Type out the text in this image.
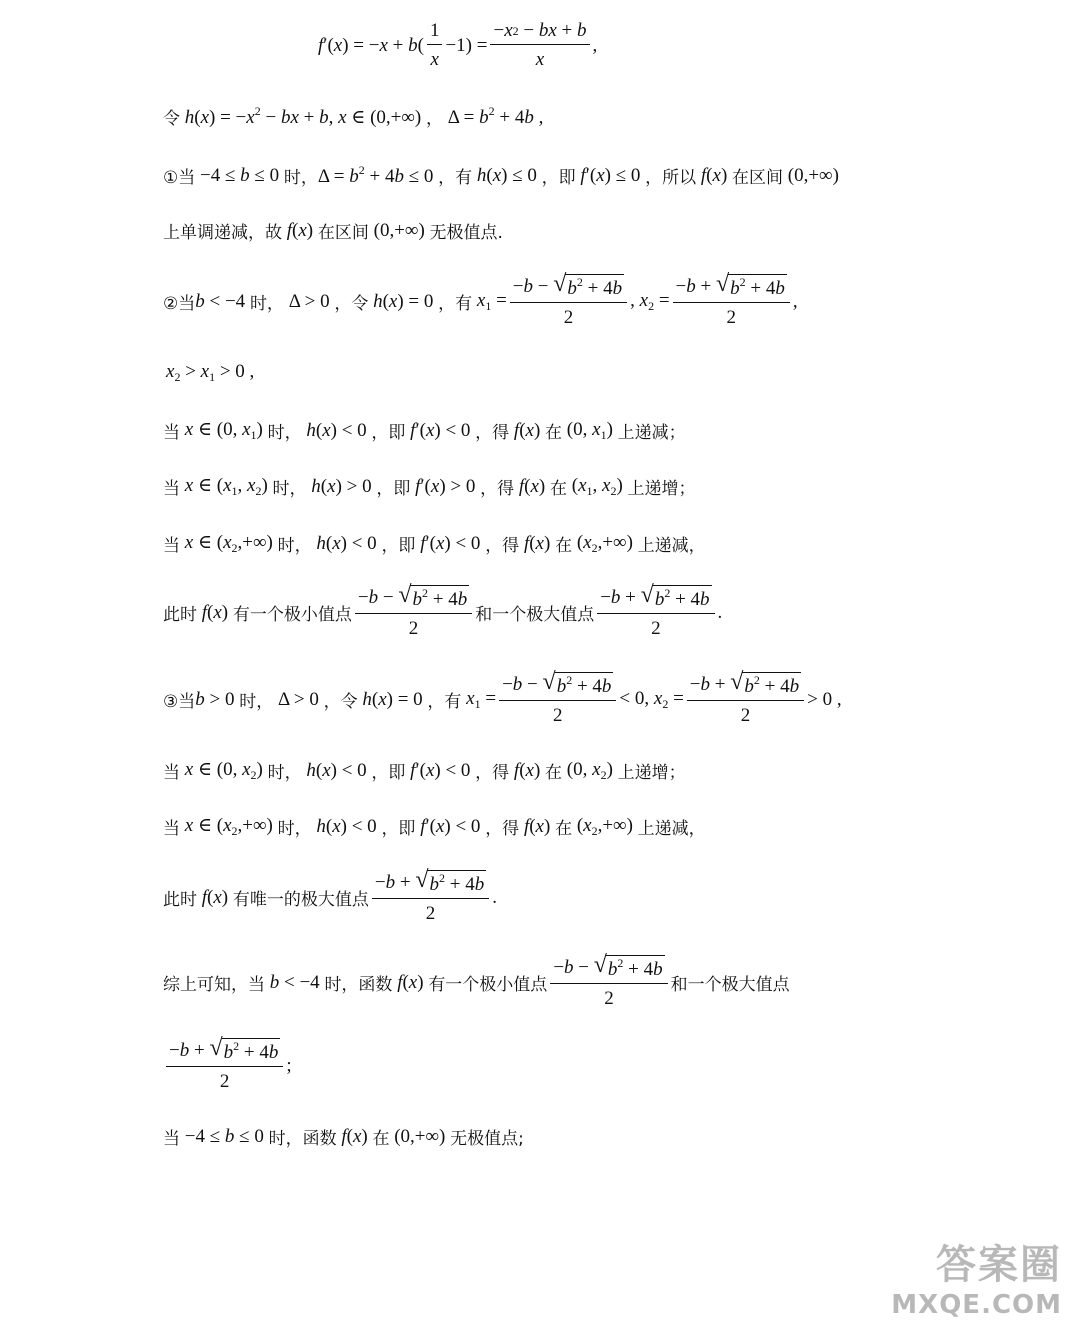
$f'(x) = -x + b( \frac{1}{x} -1) = \frac{- x 2 - bx + b}{x}$ ,
令
$h(x) = -x^2$ − bx + b, x ∈ (0,+∞)
，
$\Delta = b^2 + 4b$ ,
①当
−4 ≤ b ≤ 0
时， $\Delta = b^2 + 4b \le 0$
，有
h(x) ≤ 0
，即
f′(x) ≤ 0
，所以
f(x)
在区间
(0,+∞)
上单调递减，故
f(x)
在区间
(0,+∞)
无极值点.
②当 b < −4
时，
Δ > 0
，令
h(x) = 0
，有
$x_1 = \frac{- b - √ b^2 + 4b}{2}$ , $x_2 = \frac{- b + √ b^2 + 4b}{2}$ ,
$x_2 > x_1 > 0$ ,
当
x ∈ (0, $x_1$)
时，
h(x) < 0
，即
f′(x) < 0
，得
f(x)
在
(0, $x_1$)
上递减；
当
x ∈ ($x_1$, $x_2$)
时，
h(x) > 0
，即
f′(x) > 0
，得
f(x)
在
($x_1$, $x_2$)
上递增；
当
x ∈ $(x_2,+\infty)$
时，
h(x) < 0
，即
f′(x) < 0
，得
f(x)
在
$(x_2,+\infty)$
上递减，
此时
f(x)
有一个极小值点 $\frac{- b - √ b^2 + 4b}{2}$ 和一个极大值点 $\frac{- b + √ b^2 + 4b}{2}$ .
③当 b > 0
时，
Δ > 0
，令
h(x) = 0
，有
$x_1 = \frac{- b - √ b^2 + 4b}{2} < 0$, $x_2 = \frac{- b + √ b^2 + 4b}{2} > 0$ ,
当
x ∈ (0, $x_2$)
时，
h(x) < 0
，即
f′(x) < 0
，得
f(x)
在
(0, $x_2$)
上递增；
当
x ∈ $(x_2,+\infty)$
时，
h(x) < 0
，即
f′(x) < 0
，得
f(x)
在
$(x_2,+\infty)$
上递减，
此时
f(x)
有唯一的极大值点 $\frac{- b + √ b^2 + 4b}{2}$ .
综上可知，当
b < −4
时，函数
f(x)
有一个极小值点 $\frac{- b - √ b^2 + 4b}{2}$ 和一个极大值点
$\frac{- b + √ b^2 + 4b}{2}$ ;
当
−4 ≤ b ≤ 0
时，函数
f(x)
在
(0,+∞)
无极值点;
答案圈
MXQE.COM
